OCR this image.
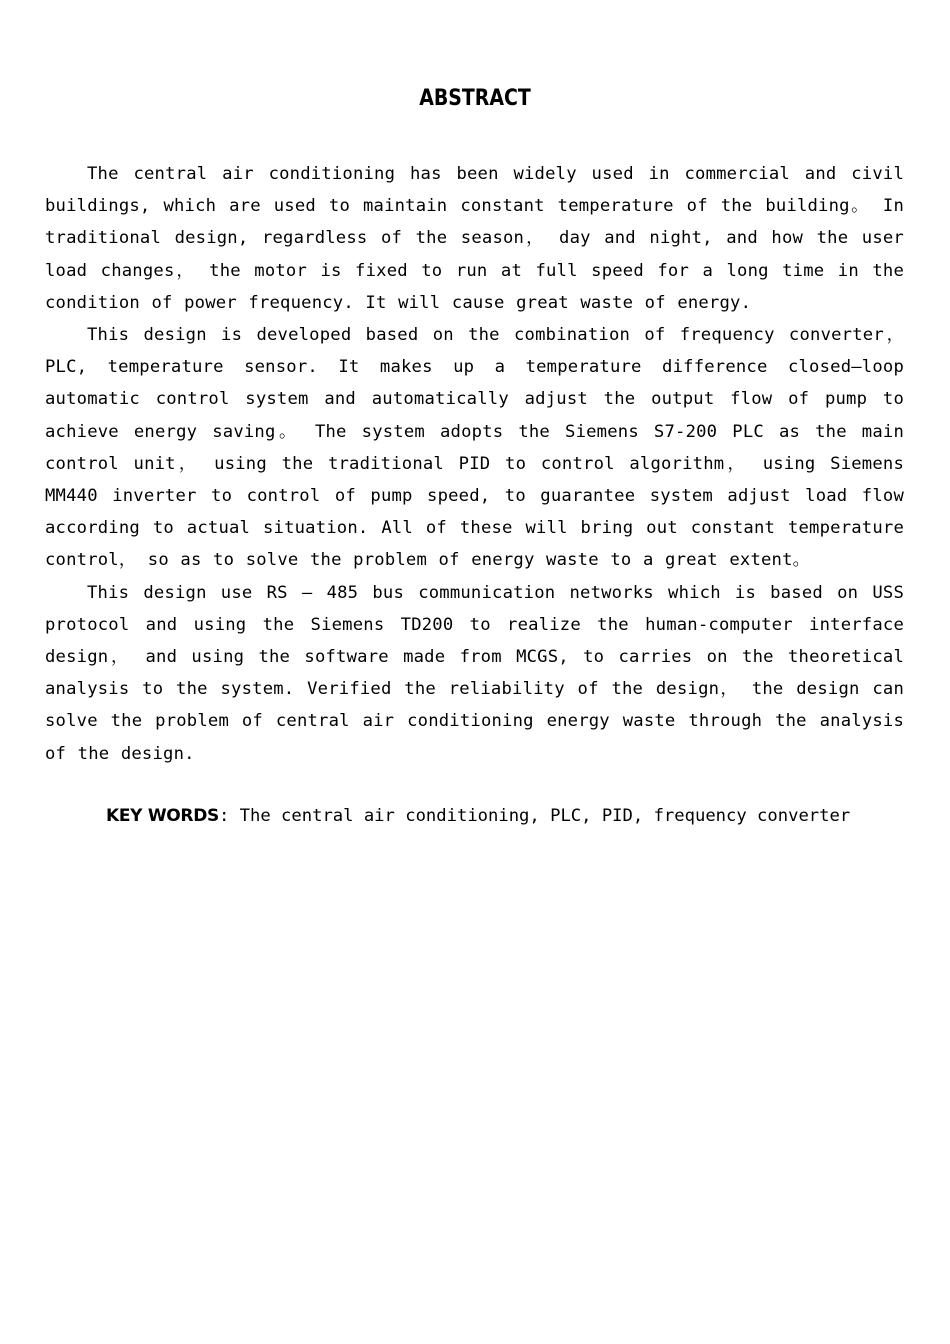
ABSTRACT

The central air conditioning has been widely used in commercial and civil buildings, which are used to maintain constant temperature of the building。 In traditional design, regardless of the season， day and night, and how the user load changes， the motor is fixed to run at full speed for a long time in the condition of power frequency. It will cause great waste of energy.

This design is developed based on the combination of frequency converter， PLC, temperature sensor. It makes up a temperature difference closed—loop automatic control system and automatically adjust the output flow of pump to achieve energy saving。 The system adopts the Siemens S7-200 PLC as the main control unit， using the traditional PID to control algorithm， using Siemens MM440 inverter to control of pump speed, to guarantee system adjust load flow according to actual situation. All of these will bring out constant temperature control， so as to solve the problem of energy waste to a great extent。

This design use RS — 485 bus communication networks which is based on USS protocol and using the Siemens TD200 to realize the human-computer interface design， and using the software made from MCGS, to carries on the theoretical analysis to the system. Verified the reliability of the design， the design can solve the problem of central air conditioning energy waste through the analysis of the design.

KEY WORDS: The central air conditioning, PLC, PID, frequency converter
